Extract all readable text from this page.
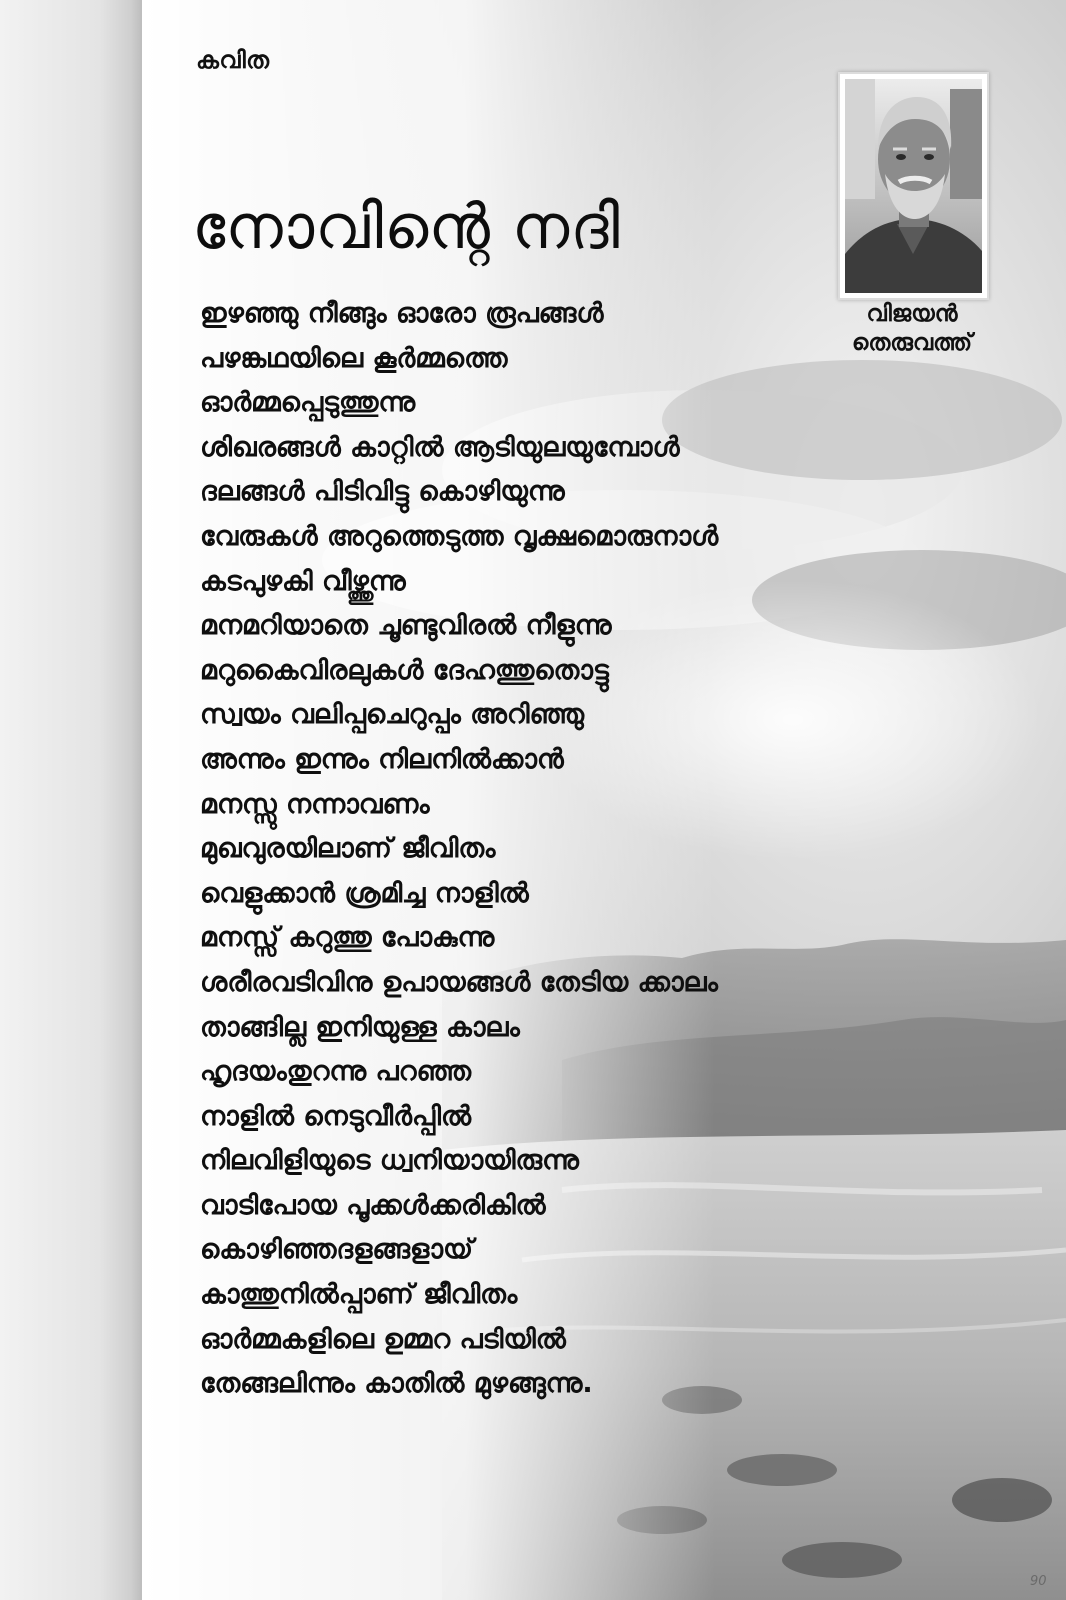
കവിത
നോവിന്റെ നദി
ഇഴഞ്ഞു നീങ്ങും ഓരോ രൂപങ്ങൾ
പഴങ്കഥയിലെ കൂർമ്മത്തെ
ഓർമ്മപ്പെടുത്തുന്നു
ശിഖരങ്ങൾ കാറ്റിൽ ആടിയുലയുമ്പോൾ
ദലങ്ങൾ പിടിവിട്ടു കൊഴിയുന്നു
വേരുകൾ അറുത്തെടുത്ത വൃക്ഷമൊരുനാൾ
കടപുഴകി വീഴ്ത്തുന്നു
മനമറിയാതെ ചൂണ്ടുവിരൽ നീളുന്നു
മറുകൈവിരലുകൾ ദേഹത്തുതൊട്ടു
സ്വയം വലിപ്പചെറുപ്പം അറിഞ്ഞു
അന്നും ഇന്നും നിലനിൽക്കാൻ
മനസ്സു നന്നാവണം
മുഖവുരയിലാണ് ജീവിതം
വെളുക്കാൻ ശ്രമിച്ച നാളിൽ
മനസ്സ് കറുത്തു പോകുന്നു
ശരീരവടിവിനു ഉപായങ്ങൾ തേടിയ ക്കാലം
താങ്ങില്ല ഇനിയുള്ള കാലം
ഹൃദയംതുറന്നു പറഞ്ഞ
നാളിൽ നെടുവീർപ്പിൽ
നിലവിളിയുടെ ധ്വനിയായിരുന്നു
വാടിപോയ പൂക്കൾക്കരികിൽ
കൊഴിഞ്ഞദളങ്ങളായ്
കാത്തുനിൽപ്പാണ് ജീവിതം
ഓർമ്മകളിലെ ഉമ്മറ പടിയിൽ
തേങ്ങലിന്നും കാതിൽ മുഴങ്ങുന്നു.
വിജയൻ
തെരുവത്ത്
90
